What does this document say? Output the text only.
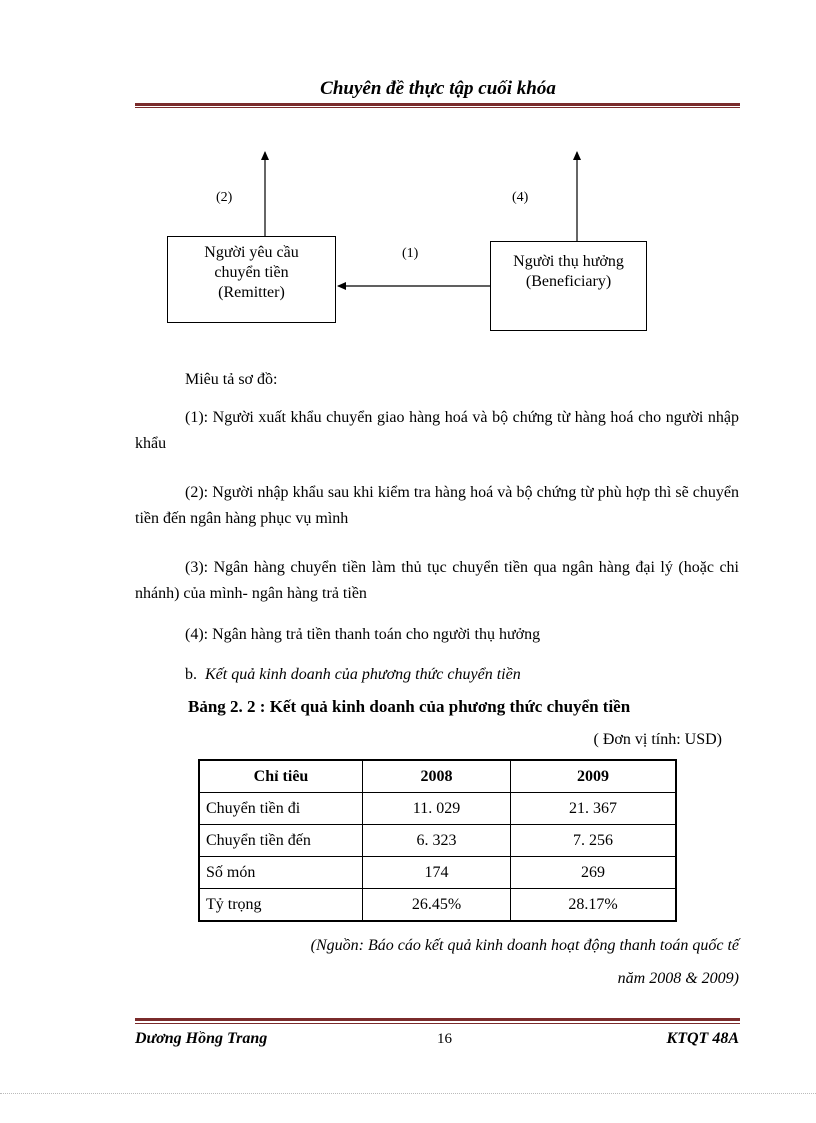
Chuyên đề thực tập cuối khóa
(2)	(4)
(1)
Người yêu cầu
chuyển tiền
(Remitter)
Người thụ hưởng
(Beneficiary)
Miêu tả sơ đồ:
(1): Người xuất khẩu chuyển giao hàng hoá và bộ chứng từ hàng hoá cho người nhập khẩu
(2): Người nhập khẩu sau khi kiểm tra hàng hoá và bộ chứng từ phù hợp thì sẽ chuyển tiền đến ngân hàng phục vụ mình
(3): Ngân hàng chuyển tiền làm thủ tục chuyển tiền qua ngân hàng đại lý (hoặc chi nhánh) của mình- ngân hàng trả tiền
(4): Ngân hàng trả tiền thanh toán cho người thụ hưởng
b. Kết quả kinh doanh của phương thức chuyển tiền
Bảng 2. 2 : Kết quả kinh doanh của phương thức chuyển tiền
( Đơn vị tính: USD)
Chỉ tiêu	2008	2009
Chuyển tiền đi	11. 029	21. 367
Chuyển tiền đến	6. 323	7. 256
Số món	174	269
Tỷ trọng	26.45%	28.17%
(Nguồn: Báo cáo kết quả kinh doanh hoạt động thanh toán quốc tế
năm 2008 & 2009)
Dương Hồng Trang	16	KTQT 48A
